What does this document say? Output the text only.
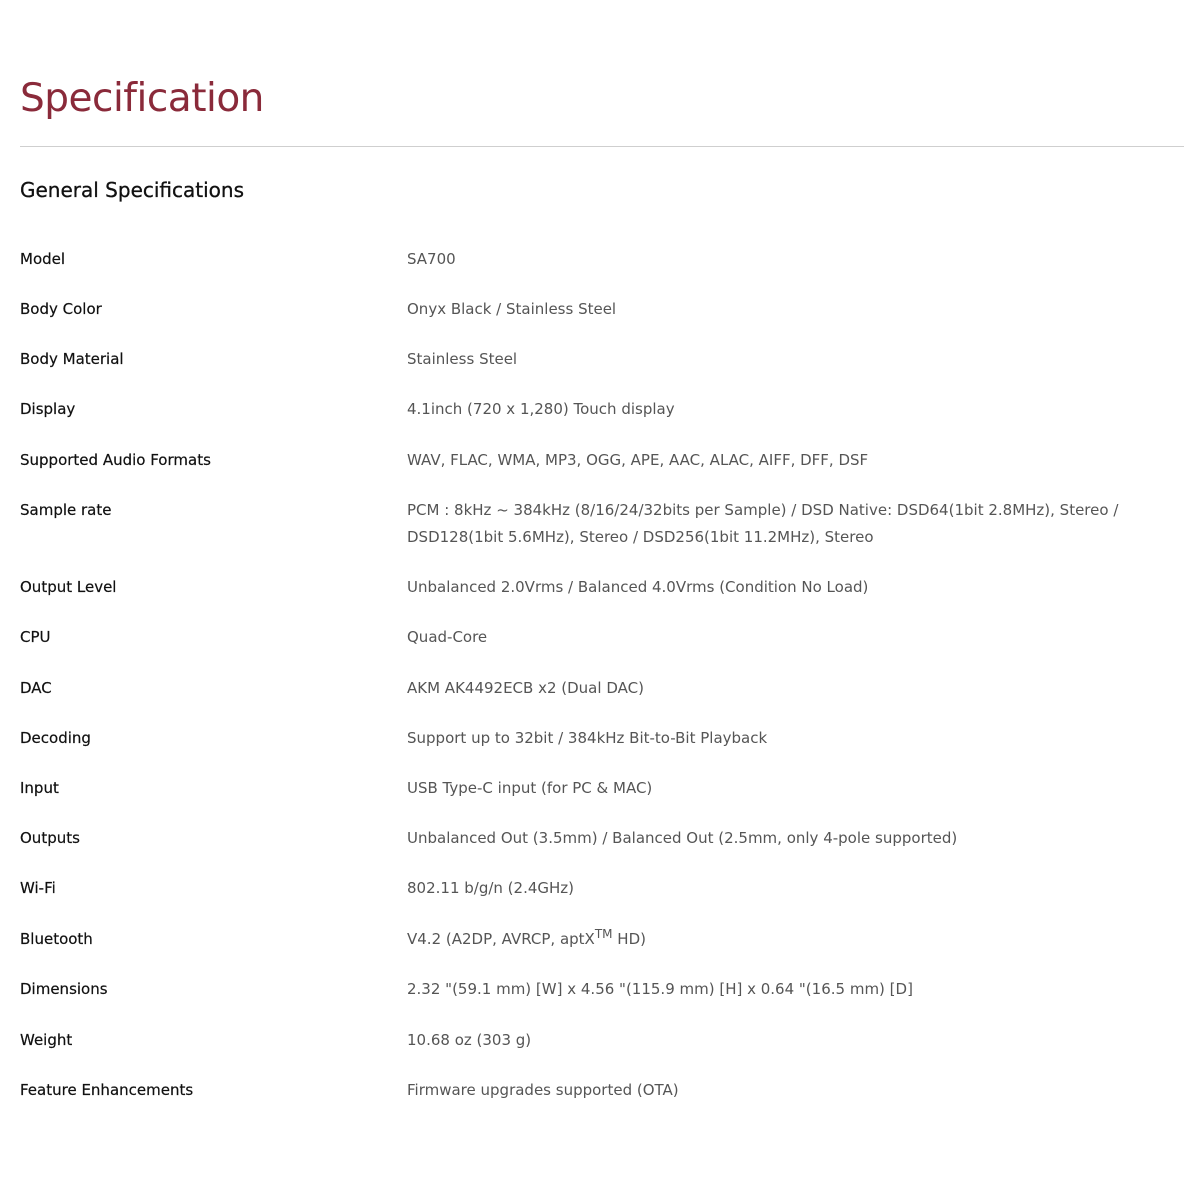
Specification
General Specifications
Model	SA700
Body Color	Onyx Black / Stainless Steel
Body Material	Stainless Steel
Display	4.1inch (720 x 1,280) Touch display
Supported Audio Formats	WAV, FLAC, WMA, MP3, OGG, APE, AAC, ALAC, AIFF, DFF, DSF
Sample rate	PCM : 8kHz ~ 384kHz (8/16/24/32bits per Sample) / DSD Native: DSD64(1bit 2.8MHz), Stereo / DSD128(1bit 5.6MHz), Stereo / DSD256(1bit 11.2MHz), Stereo
Output Level	Unbalanced 2.0Vrms / Balanced 4.0Vrms (Condition No Load)
CPU	Quad-Core
DAC	AKM AK4492ECB x2 (Dual DAC)
Decoding	Support up to 32bit / 384kHz Bit-to-Bit Playback
Input	USB Type-C input (for PC & MAC)
Outputs	Unbalanced Out (3.5mm) / Balanced Out (2.5mm, only 4-pole supported)
Wi-Fi	802.11 b/g/n (2.4GHz)
Bluetooth	V4.2 (A2DP, AVRCP, aptX™ HD)
Dimensions	2.32 "(59.1 mm) [W] x 4.56 "(115.9 mm) [H] x 0.64 "(16.5 mm) [D]
Weight	10.68 oz (303 g)
Feature Enhancements	Firmware upgrades supported (OTA)
